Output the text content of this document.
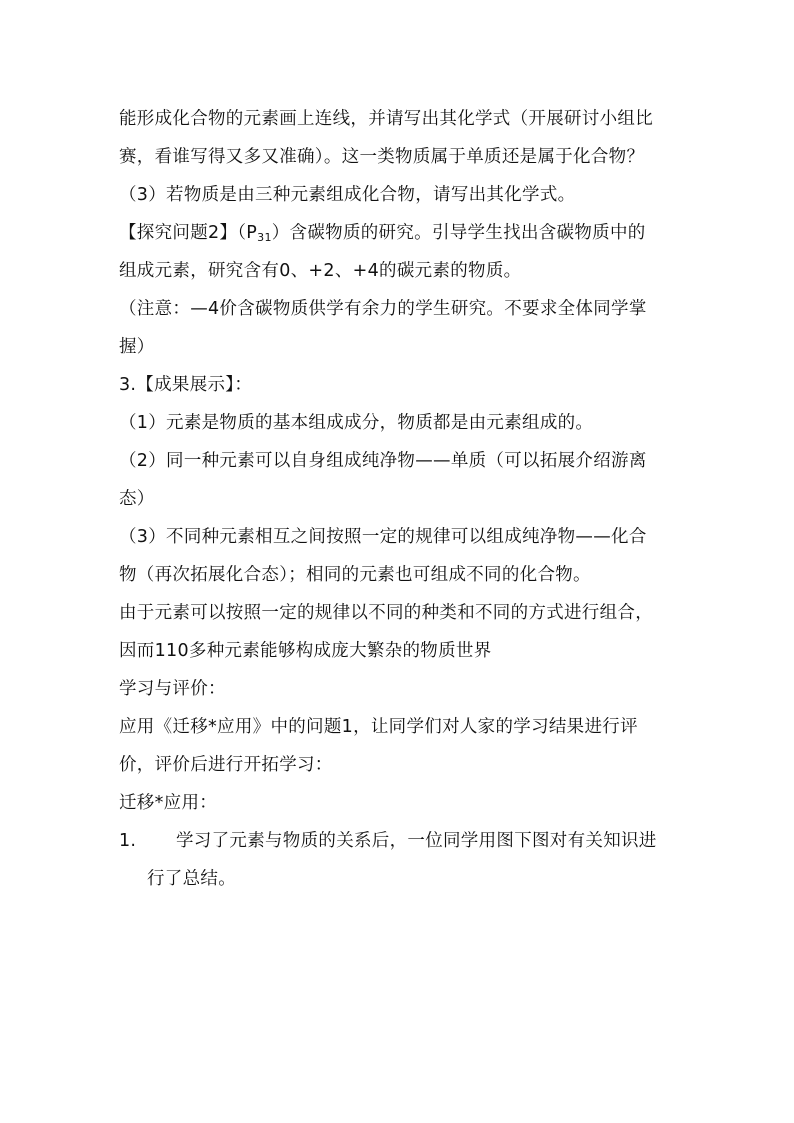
能形成化合物的元素画上连线，并请写出其化学式（开展研讨小组比
赛，看谁写得又多又准确）。这一类物质属于单质还是属于化合物？
（3）若物质是由三种元素组成化合物，请写出其化学式。
【探究问题2】$(P_{31})$含碳物质的研究。引导学生找出含碳物质中的
组成元素，研究含有0、+2、+4的碳元素的物质。
（注意：—4价含碳物质供学有余力的学生研究。不要求全体同学掌
握）
3.【成果展示】：
（1）元素是物质的基本组成成分，物质都是由元素组成的。
（2）同一种元素可以自身组成纯净物——单质（可以拓展介绍游离
态）
（3）不同种元素相互之间按照一定的规律可以组成纯净物——化合
物（再次拓展化合态）；相同的元素也可组成不同的化合物。
由于元素可以按照一定的规律以不同的种类和不同的方式进行组合，
因而110多种元素能够构成庞大繁杂的物质世界
学习与评价：
应用《迁移*应用》中的问题1，让同学们对人家的学习结果进行评
价，评价后进行开拓学习：
迁移*应用：
1.	学习了元素与物质的关系后，一位同学用图下图对有关知识进
行了总结。
